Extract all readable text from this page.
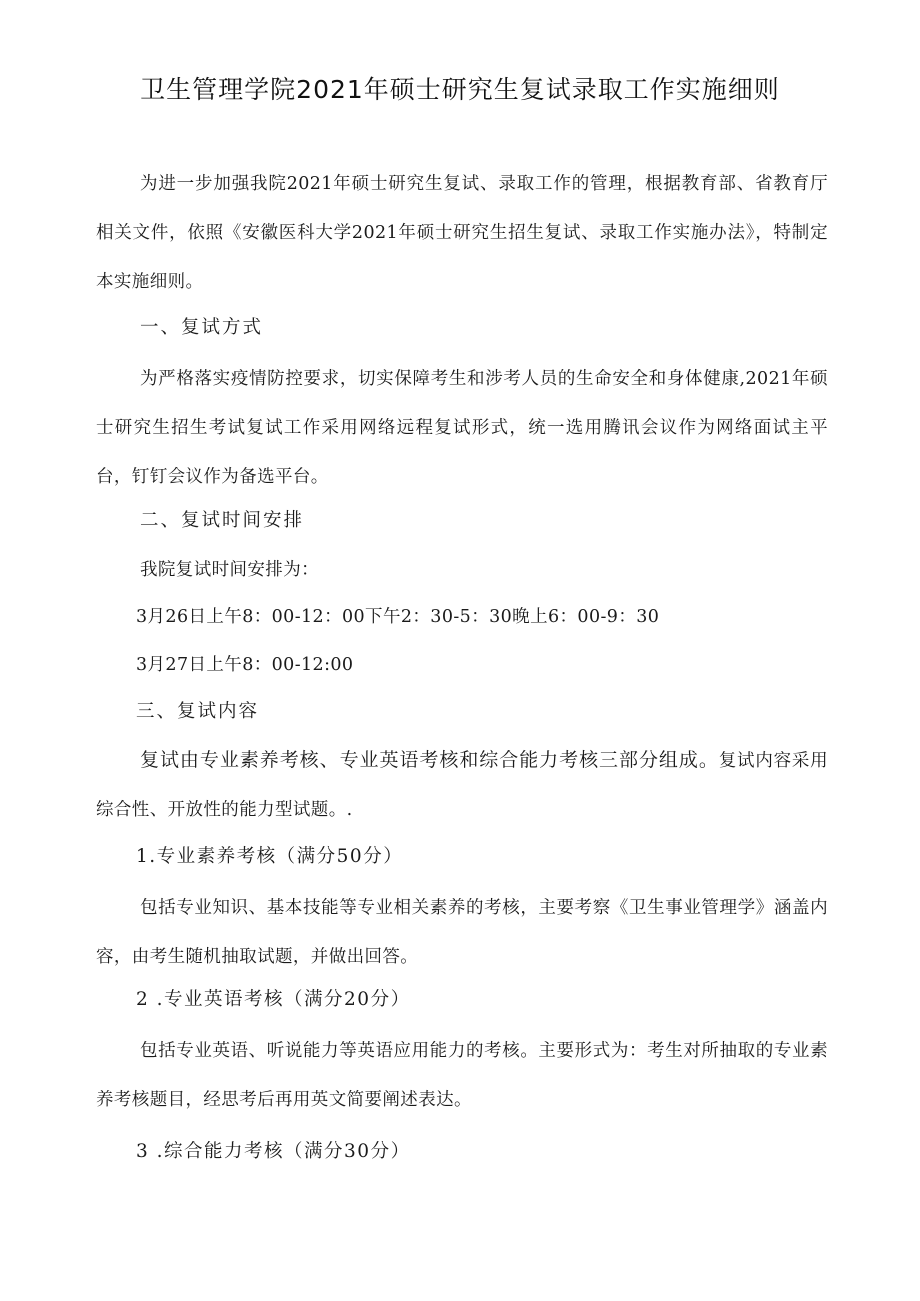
卫生管理学院2021年硕士研究生复试录取工作实施细则

为进一步加强我院2021年硕士研究生复试、录取工作的管理，根据教育部、省教育厅相关文件，依照《安徽医科大学2021年硕士研究生招生复试、录取工作实施办法》，特制定本实施细则。

一、复试方式

为严格落实疫情防控要求，切实保障考生和涉考人员的生命安全和身体健康,2021年硕士研究生招生考试复试工作采用网络远程复试形式，统一选用腾讯会议作为网络面试主平台，钉钉会议作为备选平台。

二、复试时间安排

我院复试时间安排为：

3月26日上午8：00-12：00下午2：30-5：30晚上6：00-9：30

3月27日上午8：00-12:00

三、复试内容

复试由专业素养考核、专业英语考核和综合能力考核三部分组成。复试内容采用综合性、开放性的能力型试题。.

1.专业素养考核（满分50分）

包括专业知识、基本技能等专业相关素养的考核，主要考察《卫生事业管理学》涵盖内容，由考生随机抽取试题，并做出回答。

2 .专业英语考核（满分20分）

包括专业英语、听说能力等英语应用能力的考核。主要形式为：考生对所抽取的专业素养考核题目，经思考后再用英文简要阐述表达。

3 .综合能力考核（满分30分）
